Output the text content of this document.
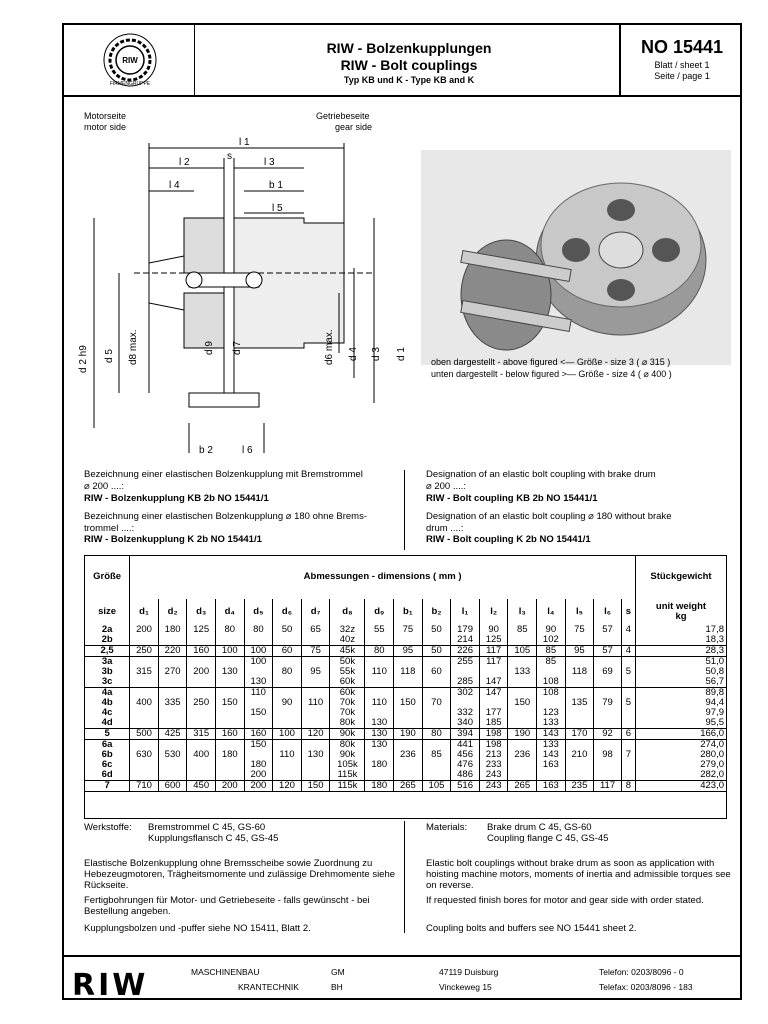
RIW
FIRMENGRUPPE
RIW - Bolzenkupplungen
RIW - Bolt couplings
Typ KB und K - Type KB and K
NO 15441
Blatt / sheet 1
Seite / page 1
Motorseite
motor side
Getriebeseite
gear side
l 1
s
l 2	l 3
l 4	b 1
l 5
d 2 h9 d 5 d8 max.	d 9 d 7	d6 max. d 4 d 3 d 1
b 2	l 6
oben dargestellt - above figured <— Größe - size 3 ( ⌀ 315 )
unten dargestellt - below figured >— Größe - size 4 ( ⌀ 400 )
Bezeichnung einer elastischen Bolzenkupplung mit Bremstrommel
⌀ 200 ....:
RIW - Bolzenkupplung KB 2b NO 15441/1
Bezeichnung einer elastischen Bolzenkupplung ⌀ 180 ohne Brems-
trommel ....:
RIW - Bolzenkupplung K 2b NO 15441/1
Designation of an elastic bolt coupling with brake drum
⌀ 200 ....:
RIW - Bolt coupling KB 2b NO 15441/1
Designation of an elastic bolt coupling ⌀ 180 without brake
drum ....:
RIW - Bolt coupling K 2b NO 15441/1
Größe	Abmessungen - dimensions ( mm )																		Stückgewicht
size	d₁	d₂	d₃	d₄	d₅	d₆	d₇	d₈	d₉	b₁	b₂	l₁	l₂	l₃	l₄	l₅	l₆	s	unit weight
kg
2a	200	180	125	80	80	50	65	32z	55	75	50	179	90	85	90	75	57	4	17,8
2b								40z				214	125		102				18,3
2,5	250	220	160	100	100	60	75	45k	80	95	50	226	117	105	85	95	57	4	28,3
3a					100			50k				255	117		85				51,0
3b	315	270	200	130		80	95	55k	110	118	60			133		118	69	5	50,8
3c					130			60k				285	147		108				56,7
4a					110			60k				302	147		108				89,8
4b	400	335	250	150		90	110	70k	110	150	70			150		135	79	5	94,4
4c					150			70k				332	177		123				97,9
4d								80k	130			340	185		133				95,5
5	500	425	315	160	160	100	120	90k	130	190	80	394	198	190	143	170	92	6	166,0
6a					150			80k	130			441	198		133				274,0
6b	630	530	400	180		110	130	90k		236	85	456	213	236	143	210	98	7	280,0
6c					180			105k	180			476	233		163				279,0
6d					200			115k				486	243						282,0
7	710	600	450	200	200	120	150	115k	180	265	105	516	243	265	163	235	117	8	423,0
Werkstoffe: Bremstrommel C 45, GS-60
Kupplungsflansch C 45, GS-45
Materials: Brake drum C 45, GS-60
Coupling flange C 45, GS-45
Elastische Bolzenkupplung ohne Bremsscheibe sowie Zuordnung zu Hebezeugmotoren, Trägheitsmomente und zulässige Drehmomente siehe Rückseite.
Fertigbohrungen für Motor- und Getriebeseite - falls gewünscht - bei Bestellung angeben.
Kupplungsbolzen und -puffer siehe NO 15411, Blatt 2.
Elastic bolt couplings without brake drum as soon as application with hoisting machine motors, moments of inertia and admissible torques see on reverse.
If requested finish bores for motor and gear side with order stated.
Coupling bolts and buffers see NO 15441 sheet 2.
RIW	MASCHINENBAU	GM
KRANTECHNIK	BH
47119 Duisburg
Vinckeweg 15
Telefon: 0203/8096 - 0
Telefax: 0203/8096 - 183
